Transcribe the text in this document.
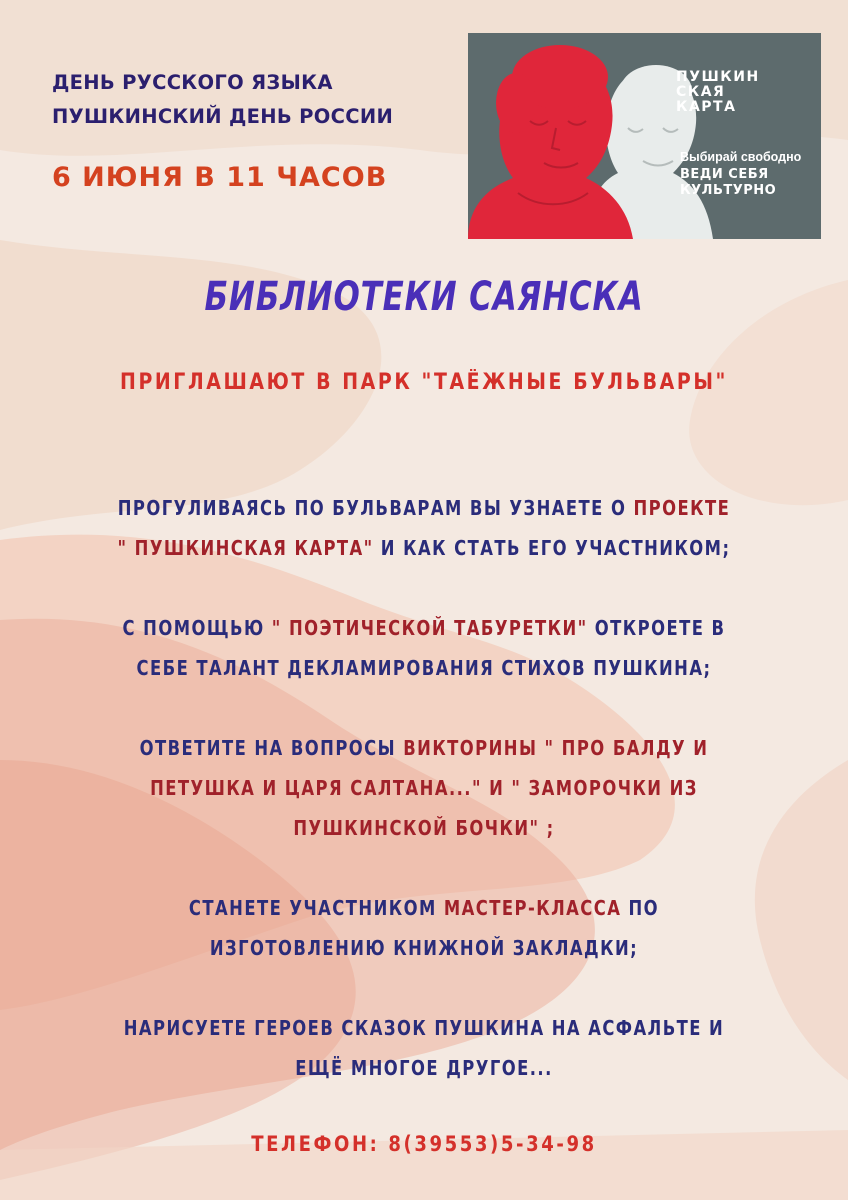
ДЕНЬ РУССКОГО ЯЗЫКА
ПУШКИНСКИЙ ДЕНЬ РОССИИ
6 ИЮНЯ В 11 ЧАСОВ
ПУШКИН
СКАЯ
КАРТА
Выбирай свободно
ВЕДИ СЕБЯ
КУЛЬТУРНО
БИБЛИОТЕКИ САЯНСКА
ПРИГЛАШАЮТ В ПАРК "ТАЁЖНЫЕ БУЛЬВАРЫ"
ПРОГУЛИВАЯСЬ ПО БУЛЬВАРАМ ВЫ УЗНАЕТЕ О ПРОЕКТЕ
" ПУШКИНСКАЯ КАРТА" И КАК СТАТЬ ЕГО УЧАСТНИКОМ;
С ПОМОЩЬЮ " ПОЭТИЧЕСКОЙ ТАБУРЕТКИ" ОТКРОЕТЕ В
СЕБЕ ТАЛАНТ ДЕКЛАМИРОВАНИЯ СТИХОВ ПУШКИНА;
ОТВЕТИТЕ НА ВОПРОСЫ ВИКТОРИНЫ " ПРО БАЛДУ И
ПЕТУШКА И ЦАРЯ САЛТАНА..." И " ЗАМОРОЧКИ ИЗ
ПУШКИНСКОЙ БОЧКИ" ;
СТАНЕТЕ УЧАСТНИКОМ МАСТЕР-КЛАССА ПО
ИЗГОТОВЛЕНИЮ КНИЖНОЙ ЗАКЛАДКИ;
НАРИСУЕТЕ ГЕРОЕВ СКАЗОК ПУШКИНА НА АСФАЛЬТЕ И
ЕЩЁ МНОГОЕ ДРУГОЕ...
ТЕЛЕФОН: 8(39553)5-34-98
